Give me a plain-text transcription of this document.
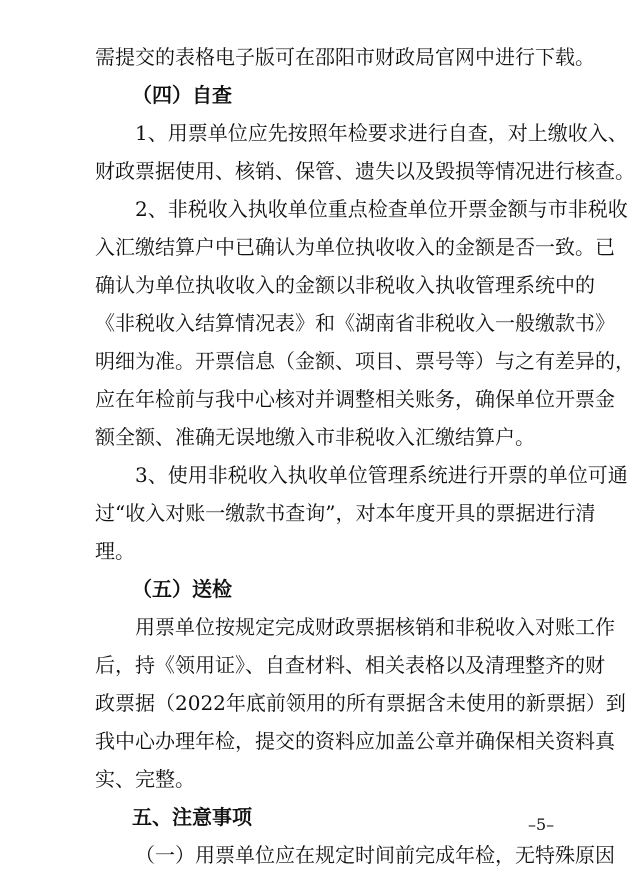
需提交的表格电子版可在邵阳市财政局官网中进行下载。
（四）自查
1、用票单位应先按照年检要求进行自查，对上缴收入、
财政票据使用、核销、保管、遗失以及毁损等情况进行核查。
2、非税收入执收单位重点检查单位开票金额与市非税收
入汇缴结算户中已确认为单位执收收入的金额是否一致。已
确认为单位执收收入的金额以非税收入执收管理系统中的
《非税收入结算情况表》和《湖南省非税收入一般缴款书》
明细为准。开票信息（金额、项目、票号等）与之有差异的，
应在年检前与我中心核对并调整相关账务，确保单位开票金
额全额、准确无误地缴入市非税收入汇缴结算户。
3、使用非税收入执收单位管理系统进行开票的单位可通
过“收入对账一缴款书查询”，对本年度开具的票据进行清
理。
（五）送检
用票单位按规定完成财政票据核销和非税收入对账工作
后，持《领用证》、自查材料、相关表格以及清理整齐的财
政票据（2022年底前领用的所有票据含未使用的新票据）到
我中心办理年检，提交的资料应加盖公章并确保相关资料真
实、完整。
五、注意事项
（一）用票单位应在规定时间前完成年检，无特殊原因
–5–
